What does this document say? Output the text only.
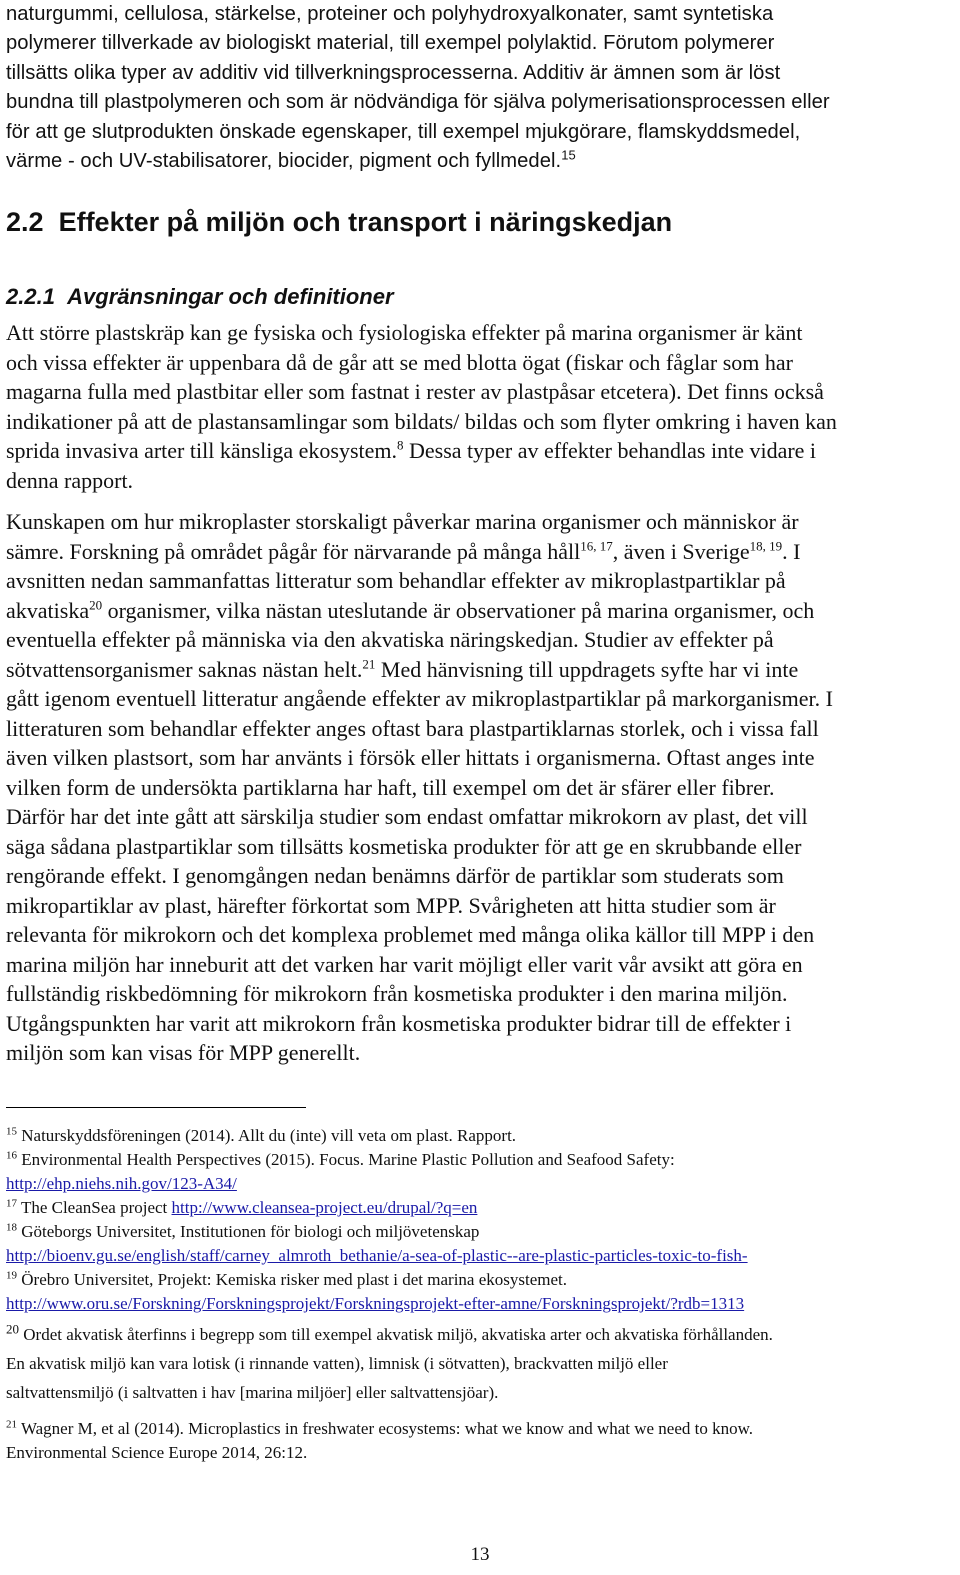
naturgummi, cellulosa, stärkelse, proteiner och polyhydroxyalkonater, samt syntetiska
polymerer tillverkade av biologiskt material, till exempel polylaktid. Förutom polymerer
tillsätts olika typer av additiv vid tillverkningsprocesserna. Additiv är ämnen som är löst
bundna till plastpolymeren och som är nödvändiga för själva polymerisationsprocessen eller
för att ge slutprodukten önskade egenskaper, till exempel mjukgörare, flamskyddsmedel,
värme - och UV-stabilisatorer, biocider, pigment och fyllmedel.$^{15}$

2.2 Effekter på miljön och transport i näringskedjan
2.2.1 Avgränsningar och definitioner

Att större plastskräp kan ge fysiska och fysiologiska effekter på marina organismer är känt
och vissa effekter är uppenbara då de går att se med blotta ögat (fiskar och fåglar som har
magarna fulla med plastbitar eller som fastnat i rester av plastpåsar etcetera). Det finns också
indikationer på att de plastansamlingar som bildats/ bildas och som flyter omkring i haven kan
sprida invasiva arter till känsliga ekosystem.$^8$ Dessa typer av effekter behandlas inte vidare i
denna rapport.

Kunskapen om hur mikroplaster storskaligt påverkar marina organismer och människor är
sämre. Forskning på området pågår för närvarande på många håll$^{16, 17}$, även i Sverige$^{18, 19}$. I
avsnitten nedan sammanfattas litteratur som behandlar effekter av mikroplastpartiklar på
akvatiska$^{20}$ organismer, vilka nästan uteslutande är observationer på marina organismer, och
eventuella effekter på människa via den akvatiska näringskedjan. Studier av effekter på
sötvattensorganismer saknas nästan helt.$^{21}$ Med hänvisning till uppdragets syfte har vi inte
gått igenom eventuell litteratur angående effekter av mikroplastpartiklar på markorganismer. I
litteraturen som behandlar effekter anges oftast bara plastpartiklarnas storlek, och i vissa fall
även vilken plastsort, som har använts i försök eller hittats i organismerna. Oftast anges inte
vilken form de undersökta partiklarna har haft, till exempel om det är sfärer eller fibrer.
Därför har det inte gått att särskilja studier som endast omfattar mikrokorn av plast, det vill
säga sådana plastpartiklar som tillsätts kosmetiska produkter för att ge en skrubbande eller
rengörande effekt. I genomgången nedan benämns därför de partiklar som studerats som
mikropartiklar av plast, härefter förkortat som MPP. Svårigheten att hitta studier som är
relevanta för mikrokorn och det komplexa problemet med många olika källor till MPP i den
marina miljön har inneburit att det varken har varit möjligt eller varit vår avsikt att göra en
fullständig riskbedömning för mikrokorn från kosmetiska produkter i den marina miljön.
Utgångspunkten har varit att mikrokorn från kosmetiska produkter bidrar till de effekter i
miljön som kan visas för MPP generellt.

$^{15}$ Naturskyddsföreningen (2014). Allt du (inte) vill veta om plast. Rapport.
$^{16}$ Environmental Health Perspectives (2015). Focus. Marine Plastic Pollution and Seafood Safety:
http://ehp.niehs.nih.gov/123-A34/
$^{17}$ The CleanSea project http://www.cleansea-project.eu/drupal/?q=en
$^{18}$ Göteborgs Universitet, Institutionen för biologi och miljövetenskap
http://bioenv.gu.se/english/staff/carney_almroth_bethanie/a-sea-of-plastic--are-plastic-particles-toxic-to-fish-
$^{19}$ Örebro Universitet, Projekt: Kemiska risker med plast i det marina ekosystemet.
http://www.oru.se/Forskning/Forskningsprojekt/Forskningsprojekt-efter-amne/Forskningsprojekt/?rdb=1313
$^{20}$ Ordet akvatisk återfinns i begrepp som till exempel akvatisk miljö, akvatiska arter och akvatiska förhållanden.
En akvatisk miljö kan vara lotisk (i rinnande vatten), limnisk (i sötvatten), brackvatten miljö eller
saltvattensmiljö (i saltvatten i hav [marina miljöer] eller saltvattensjöar).
$^{21}$ Wagner M, et al (2014). Microplastics in freshwater ecosystems: what we know and what we need to know.
Environmental Science Europe 2014, 26:12.
13
